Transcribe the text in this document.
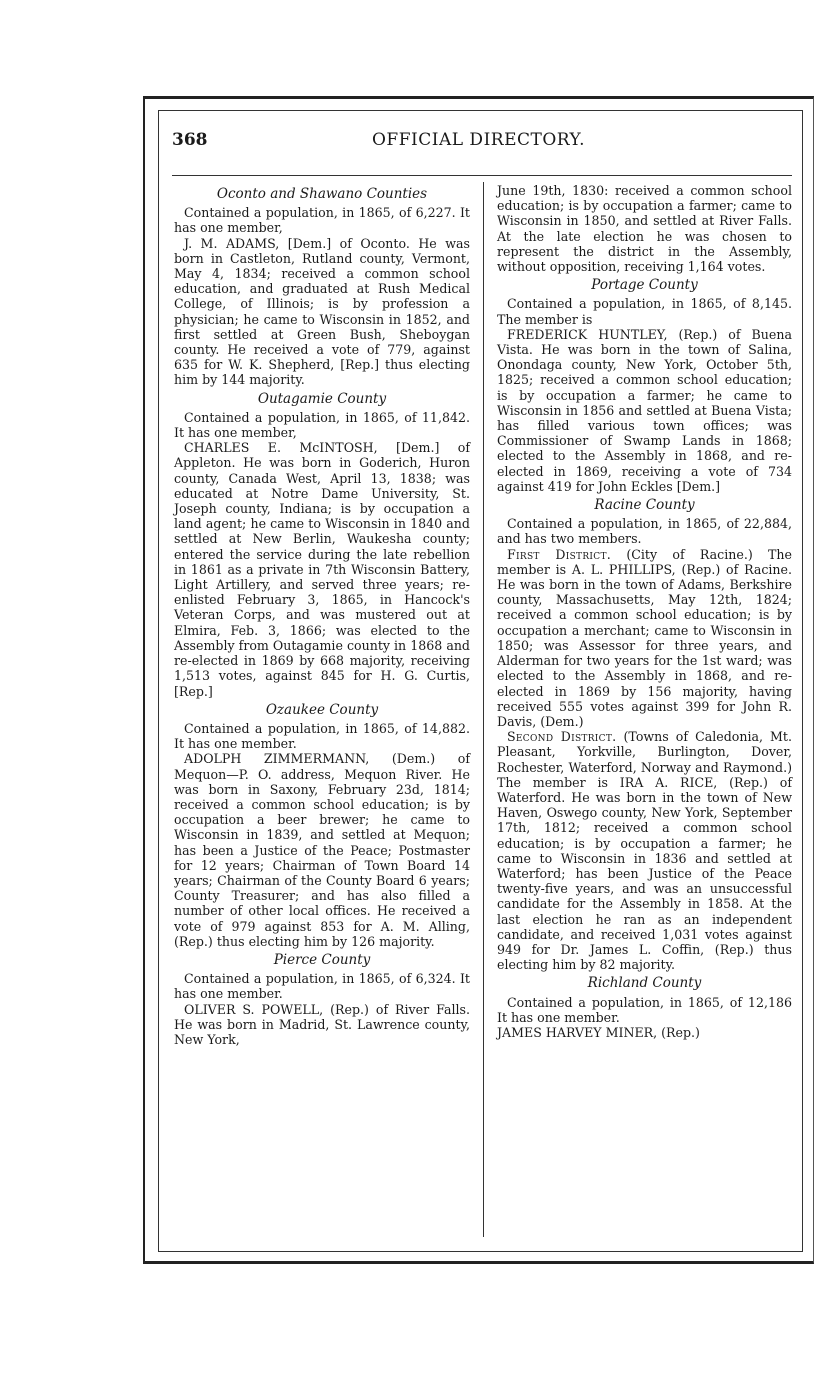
368	OFFICIAL DIRECTORY.
Oconto and Shawano Counties

Contained a population, in 1865, of 6,227. It has one member,

J. M. ADAMS, [Dem.] of Oconto. He was born in Castleton, Rutland county, Vermont, May 4, 1834; received a common school education, and graduated at Rush Medical College, of Illinois; is by profession a physician; he came to Wisconsin in 1852, and first settled at Green Bush, Sheboygan county. He received a vote of 779, against 635 for W. K. Shepherd, [Rep.] thus electing him by 144 majority.

Outagamie County

Contained a population, in 1865, of 11,842. It has one member,

CHARLES E. McINTOSH, [Dem.] of Appleton. He was born in Goderich, Huron county, Canada West, April 13, 1838; was educated at Notre Dame University, St. Joseph county, Indiana; is by occupation a land agent; he came to Wisconsin in 1840 and settled at New Berlin, Waukesha county; entered the service during the late rebellion in 1861 as a private in 7th Wisconsin Battery, Light Artillery, and served three years; re-enlisted February 3, 1865, in Hancock's Veteran Corps, and was mustered out at Elmira, Feb. 3, 1866; was elected to the Assembly from Outagamie county in 1868 and re-elected in 1869 by 668 majority, receiving 1,513 votes, against 845 for H. G. Curtis, [Rep.]

Ozaukee County

Contained a population, in 1865, of 14,882. It has one member.

ADOLPH ZIMMERMANN, (Dem.) of Mequon—P. O. address, Mequon River. He was born in Saxony, February 23d, 1814; received a common school education; is by occupation a beer brewer; he came to Wisconsin in 1839, and settled at Mequon; has been a Justice of the Peace; Postmaster for 12 years; Chairman of Town Board 14 years; Chairman of the County Board 6 years; County Treasurer; and has also filled a number of other local offices. He received a vote of 979 against 853 for A. M. Alling, (Rep.) thus electing him by 126 majority.

Pierce County

Contained a population, in 1865, of 6,324. It has one member.

OLIVER S. POWELL, (Rep.) of River Falls. He was born in Madrid, St. Lawrence county, New York,

June 19th, 1830: received a common school education; is by occupation a farmer; came to Wisconsin in 1850, and settled at River Falls. At the late election he was chosen to represent the district in the Assembly, without opposition, receiving 1,164 votes.

Portage County

Contained a population, in 1865, of 8,145. The member is

FREDERICK HUNTLEY, (Rep.) of Buena Vista. He was born in the town of Salina, Onondaga county, New York, October 5th, 1825; received a common school education; is by occupation a farmer; he came to Wisconsin in 1856 and settled at Buena Vista; has filled various town offices; was Commissioner of Swamp Lands in 1868; elected to the Assembly in 1868, and re-elected in 1869, receiving a vote of 734 against 419 for John Eckles [Dem.]

Racine County

Contained a population, in 1865, of 22,884, and has two members.

First District. (City of Racine.) The member is A. L. PHILLIPS, (Rep.) of Racine. He was born in the town of Adams, Berkshire county, Massachusetts, May 12th, 1824; received a common school education; is by occupation a merchant; came to Wisconsin in 1850; was Assessor for three years, and Alderman for two years for the 1st ward; was elected to the Assembly in 1868, and re-elected in 1869 by 156 majority, having received 555 votes against 399 for John R. Davis, (Dem.)

Second District. (Towns of Caledonia, Mt. Pleasant, Yorkville, Burlington, Dover, Rochester, Waterford, Norway and Raymond.) The member is IRA A. RICE, (Rep.) of Waterford. He was born in the town of New Haven, Oswego county, New York, September 17th, 1812; received a common school education; is by occupation a farmer; he came to Wisconsin in 1836 and settled at Waterford; has been Justice of the Peace twenty-five years, and was an unsuccessful candidate for the Assembly in 1858. At the last election he ran as an independent candidate, and received 1,031 votes against 949 for Dr. James L. Coffin, (Rep.) thus electing him by 82 majority.

Richland County

Contained a population, in 1865, of 12,186 It has one member.

JAMES HARVEY MINER, (Rep.)
